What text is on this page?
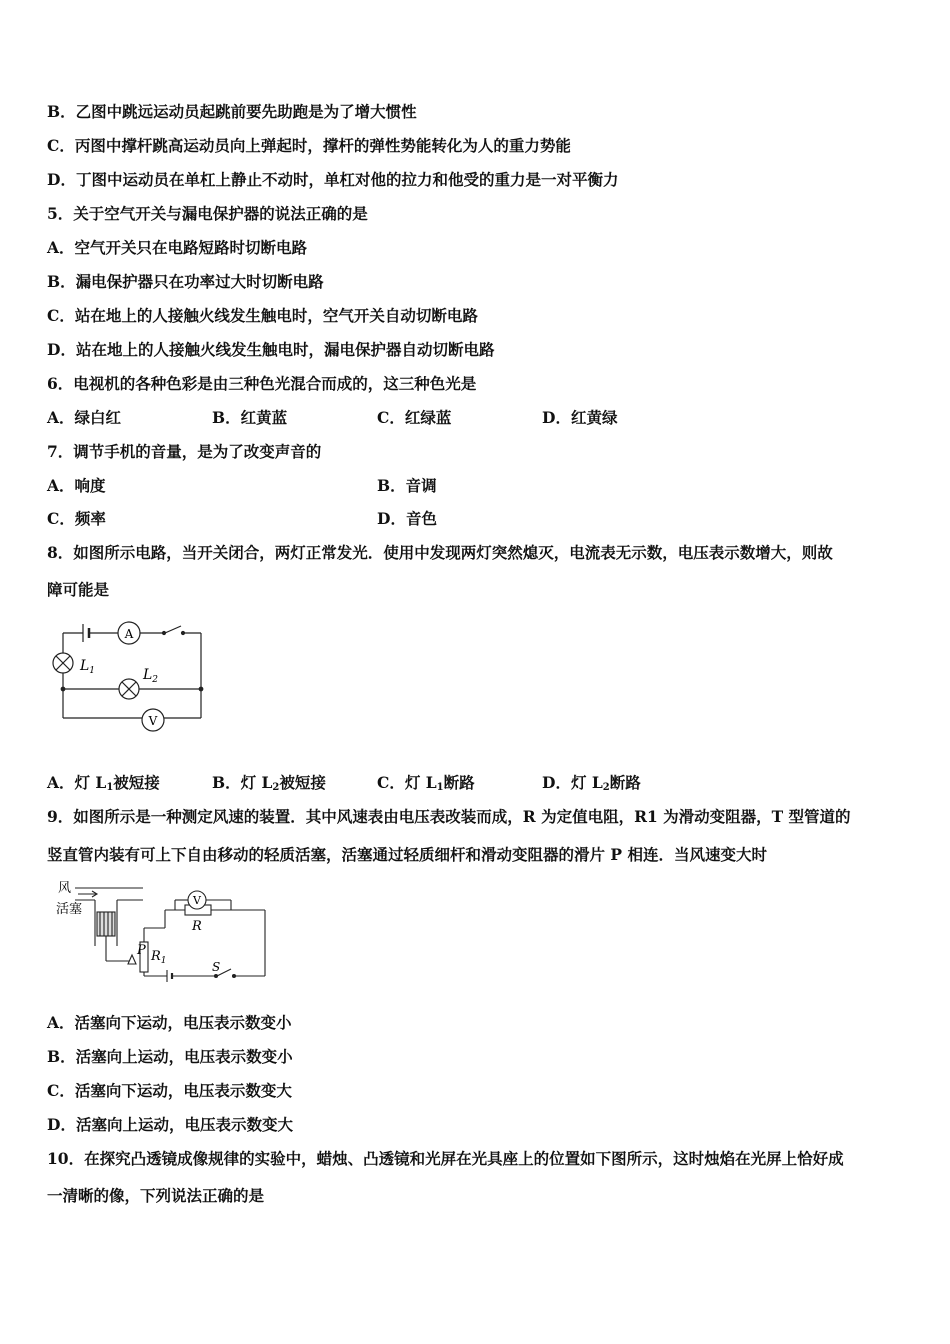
B．乙图中跳远运动员起跳前要先助跑是为了增大惯性
C．丙图中撑杆跳高运动员向上弹起时，撑杆的弹性势能转化为人的重力势能
D．丁图中运动员在单杠上静止不动时，单杠对他的拉力和他受的重力是一对平衡力
5．关于空气开关与漏电保护器的说法正确的是
A．空气开关只在电路短路时切断电路
B．漏电保护器只在功率过大时切断电路
C．站在地上的人接触火线发生触电时，空气开关自动切断电路
D．站在地上的人接触火线发生触电时，漏电保护器自动切断电路
6．电视机的各种色彩是由三种色光混合而成的，这三种色光是
A．绿白红	B．红黄蓝	C．红绿蓝	D．红黄绿
7．调节手机的音量，是为了改变声音的
A．响度	B．音调
C．频率	D．音色
8．如图所示电路，当开关闭合，两灯正常发光．使用中发现两灯突然熄灭，电流表无示数，电压表示数增大，则故
障可能是
A
V
$L_1$	$L_2$
A．灯 $L_1$被短接	B．灯 $L_2$被短接	C．灯 $L_1$断路	D．灯 $L_2$断路
9．如图所示是一种测定风速的装置．其中风速表由电压表改装而成，R 为定值电阻，R1 为滑动变阻器，T 型管道的
竖直管内装有可上下自由移动的轻质活塞，活塞通过轻质细杆和滑动变阻器的滑片 P 相连．当风速变大时
风
活塞
V
R
P $R_1$	S
A．活塞向下运动，电压表示数变小
B．活塞向上运动，电压表示数变小
C．活塞向下运动，电压表示数变大
D．活塞向上运动，电压表示数变大
10．在探究凸透镜成像规律的实验中，蜡烛、凸透镜和光屏在光具座上的位置如下图所示，这时烛焰在光屏上恰好成
一清晰的像，下列说法正确的是
